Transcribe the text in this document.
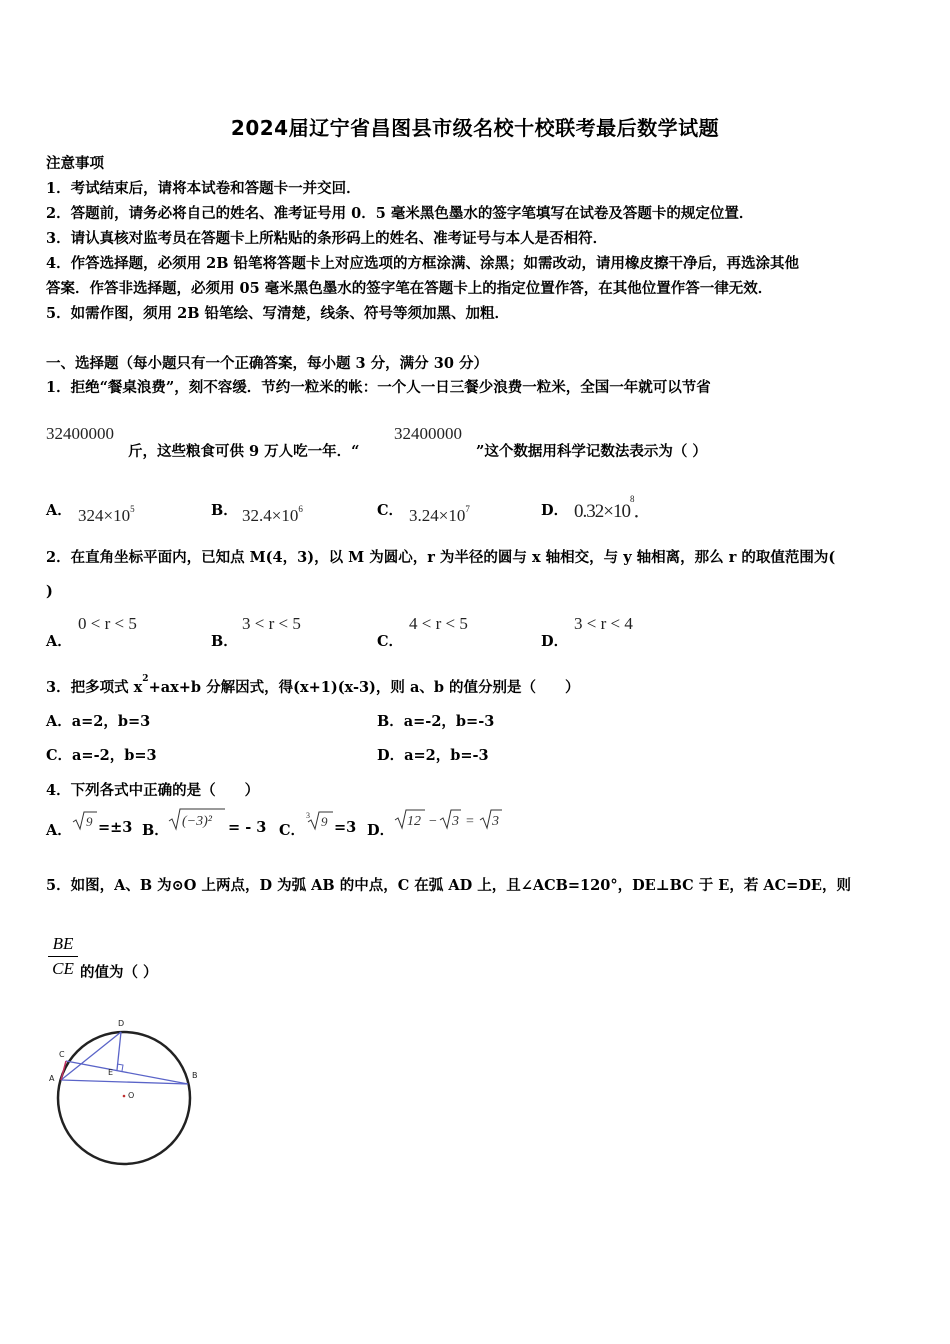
2024届辽宁省昌图县市级名校十校联考最后数学试题
注意事项
1．考试结束后，请将本试卷和答题卡一并交回．
2．答题前，请务必将自己的姓名、准考证号用 0．5 毫米黑色墨水的签字笔填写在试卷及答题卡的规定位置．
3．请认真核对监考员在答题卡上所粘贴的条形码上的姓名、准考证号与本人是否相符．
4．作答选择题，必须用 2B 铅笔将答题卡上对应选项的方框涂满、涂黑；如需改动，请用橡皮擦干净后，再选涂其他
答案．作答非选择题，必须用 05 毫米黑色墨水的签字笔在答题卡上的指定位置作答，在其他位置作答一律无效．
5．如需作图，须用 2B 铅笔绘、写清楚，线条、符号等须加黑、加粗．
一、选择题（每小题只有一个正确答案，每小题 3 分，满分 30 分）
1．拒绝“餐桌浪费”，刻不容缓．节约一粒米的帐：一个人一日三餐少浪费一粒米，全国一年就可以节省
32400000
斤，这些粮食可供 9 万人吃一年．“
32400000
”这个数据用科学记数法表示为（ ）
A． $324\times 10^5$	B． $32.4\times 10^6$	C． $3.24\times 10^7$	D． $0.32\times 10^8$．
2．在直角坐标平面内，已知点 M(4，3)，以 M 为圆心，r 为半径的圆与 x 轴相交，与 y 轴相离，那么 r 的取值范围为(
)
A．
0 < r < 5
B．
3 < r < 5
C．
4 < r < 5
D．
3 < r < 4
3．把多项式 $x^2+ax+b$ 分解因式，得(x+1)(x-3)，则 a、b 的值分别是（　　）
A．a=2，b=3	B．a=-2，b=-3
C．a=-2，b=3	D．a=2，b=-3
4．下列各式中正确的是（　　）
A．
9 =±3 B．
(−3)² = - 3 C．
3 9 =3 D．
12 − 3 = 3
5．如图，A、B 为⊙O 上两点，D 为弧 AB 的中点，C 在弧 AD 上，且∠ACB=120°，DE⊥BC 于 E，若 AC=DE，则
BE
CE 的值为（ ）
D
C
A	B
E
O
